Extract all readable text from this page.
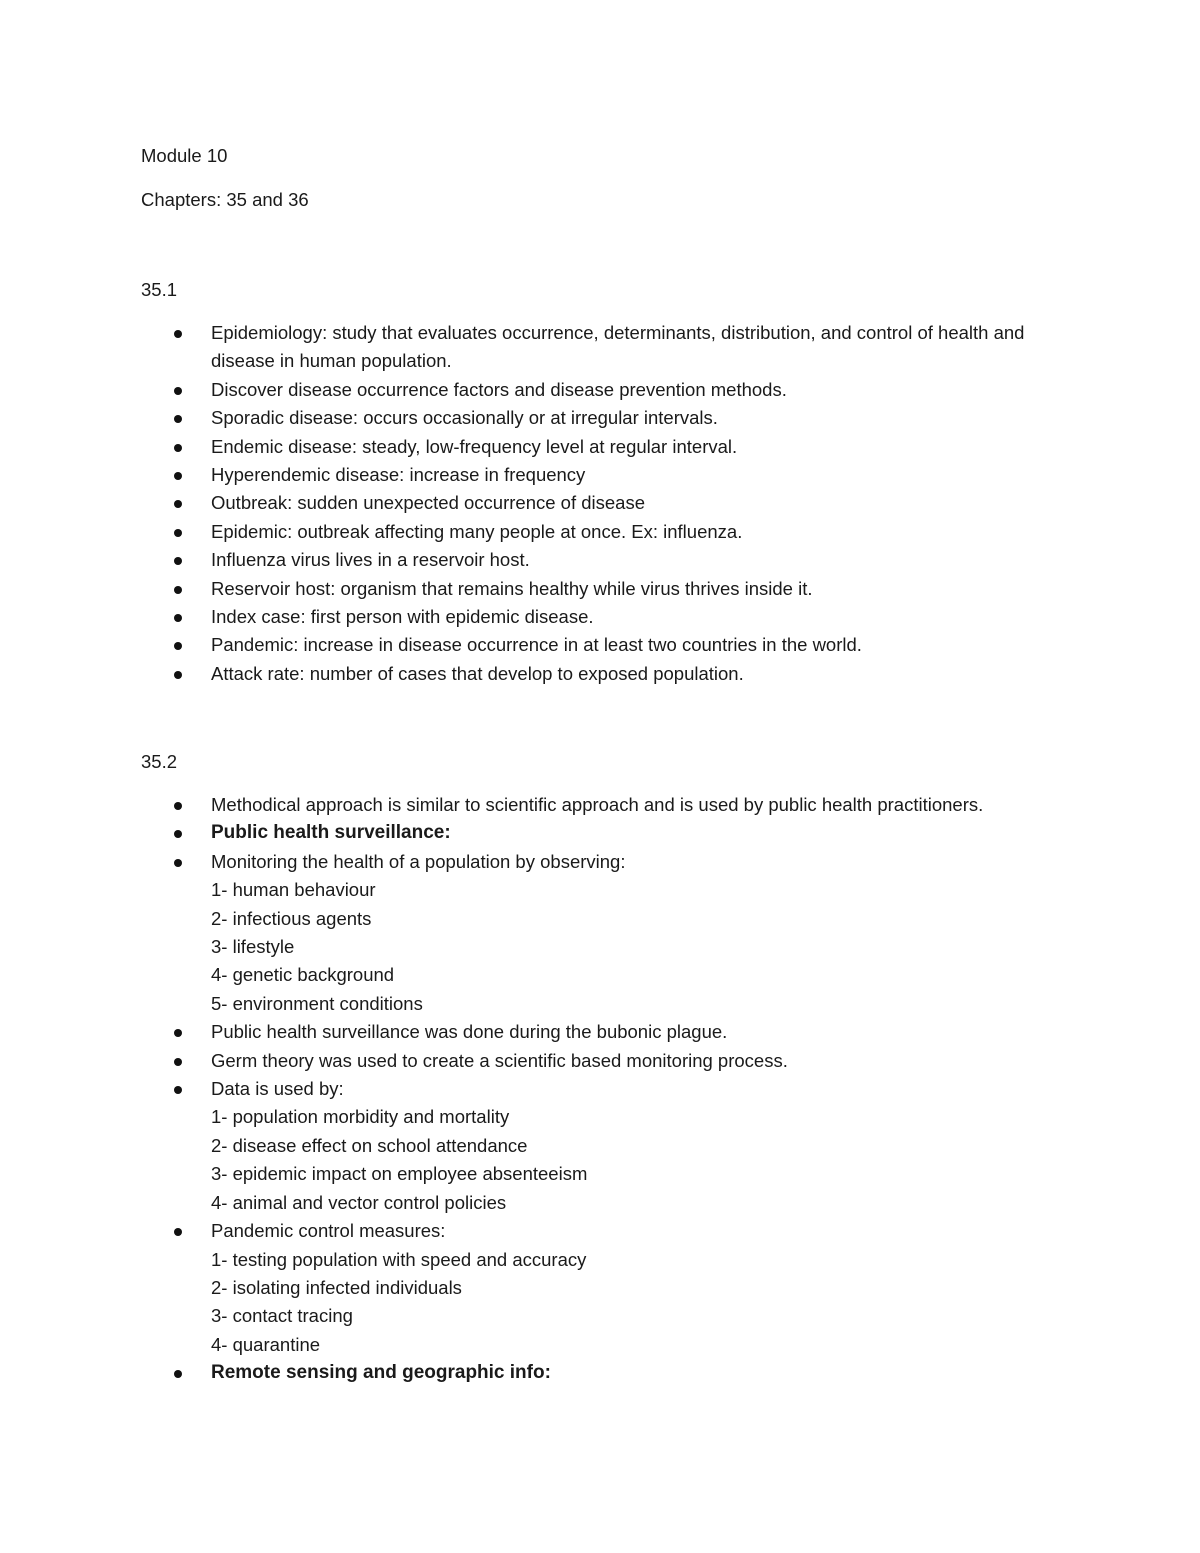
Module 10
Chapters: 35 and 36
35.1
Epidemiology: study that evaluates occurrence, determinants, distribution, and control of health and disease in human population.
Discover disease occurrence factors and disease prevention methods.
Sporadic disease: occurs occasionally or at irregular intervals.
Endemic disease: steady, low-frequency level at regular interval.
Hyperendemic disease: increase in frequency
Outbreak: sudden unexpected occurrence of disease
Epidemic: outbreak affecting many people at once. Ex: influenza.
Influenza virus lives in a reservoir host.
Reservoir host: organism that remains healthy while virus thrives inside it.
Index case: first person with epidemic disease.
Pandemic: increase in disease occurrence in at least two countries in the world.
Attack rate: number of cases that develop to exposed population.
35.2
Methodical approach is similar to scientific approach and is used by public health practitioners.
Public health surveillance:
Monitoring the health of a population by observing:
1- human behaviour
2- infectious agents
3- lifestyle
4- genetic background
5- environment conditions
Public health surveillance was done during the bubonic plague.
Germ theory was used to create a scientific based monitoring process.
Data is used by:
1- population morbidity and mortality
2- disease effect on school attendance
3- epidemic impact on employee absenteeism
4- animal and vector control policies
Pandemic control measures:
1- testing population with speed and accuracy
2- isolating infected individuals
3- contact tracing
4- quarantine
Remote sensing and geographic info:
